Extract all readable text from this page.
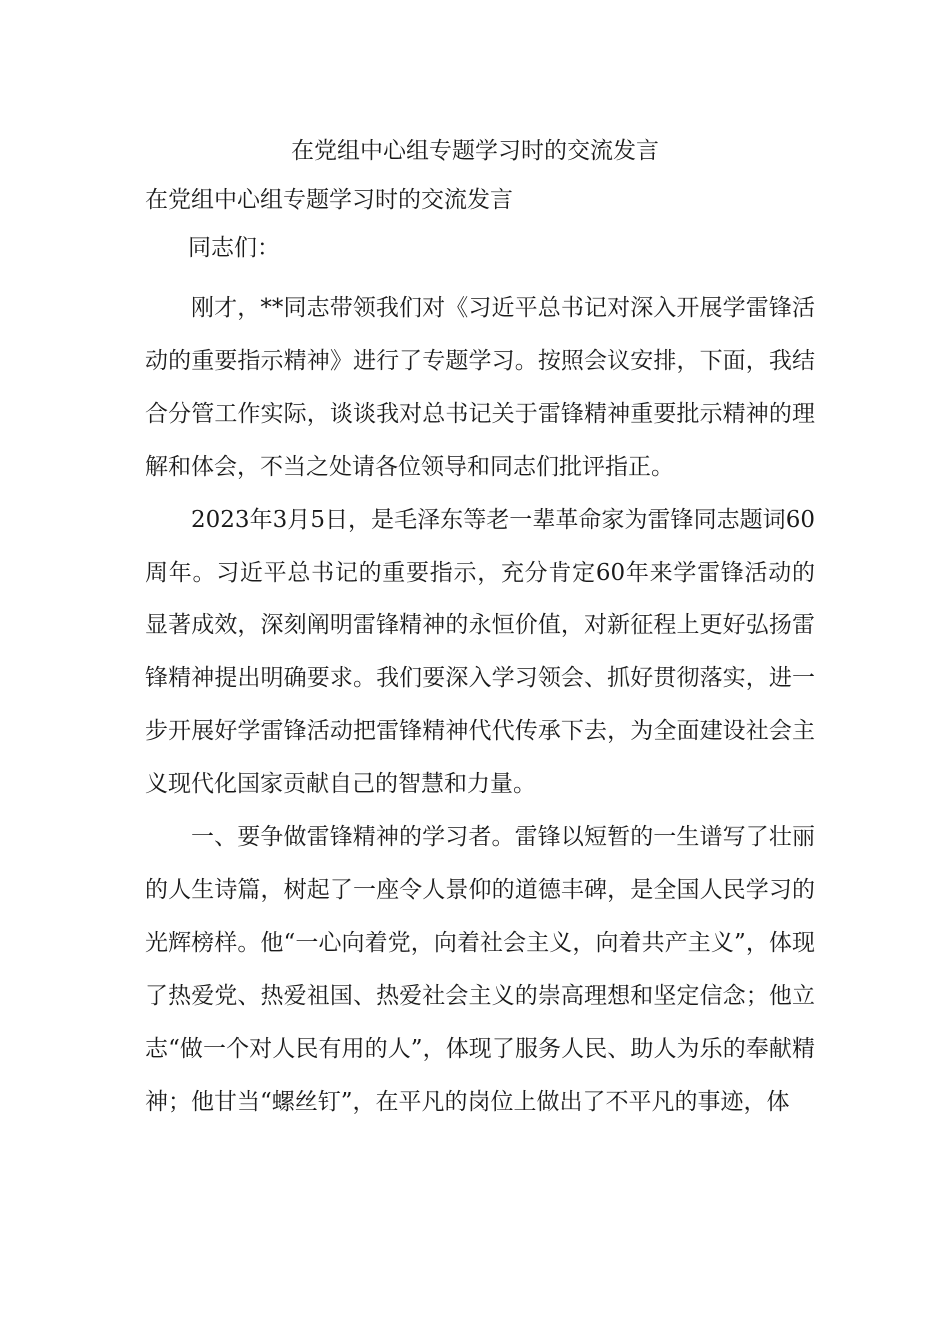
在党组中心组专题学习时的交流发言
在党组中心组专题学习时的交流发言
同志们：

刚才，**同志带领我们对《习近平总书记对深入开展学雷锋活动的重要指示精神》进行了专题学习。按照会议安排，下面，我结合分管工作实际，谈谈我对总书记关于雷锋精神重要批示精神的理解和体会，不当之处请各位领导和同志们批评指正。

2023年3月5日，是毛泽东等老一辈革命家为雷锋同志题词60周年。习近平总书记的重要指示，充分肯定60年来学雷锋活动的显著成效，深刻阐明雷锋精神的永恒价值，对新征程上更好弘扬雷锋精神提出明确要求。我们要深入学习领会、抓好贯彻落实，进一步开展好学雷锋活动把雷锋精神代代传承下去，为全面建设社会主义现代化国家贡献自己的智慧和力量。

一、要争做雷锋精神的学习者。雷锋以短暂的一生谱写了壮丽的人生诗篇，树起了一座令人景仰的道德丰碑，是全国人民学习的光辉榜样。他“一心向着党，向着社会主义，向着共产主义”，体现了热爱党、热爱祖国、热爱社会主义的崇高理想和坚定信念；他立志“做一个对人民有用的人”，体现了服务人民、助人为乐的奉献精神；他甘当“螺丝钉”，在平凡的岗位上做出了不平凡的事迹，体
